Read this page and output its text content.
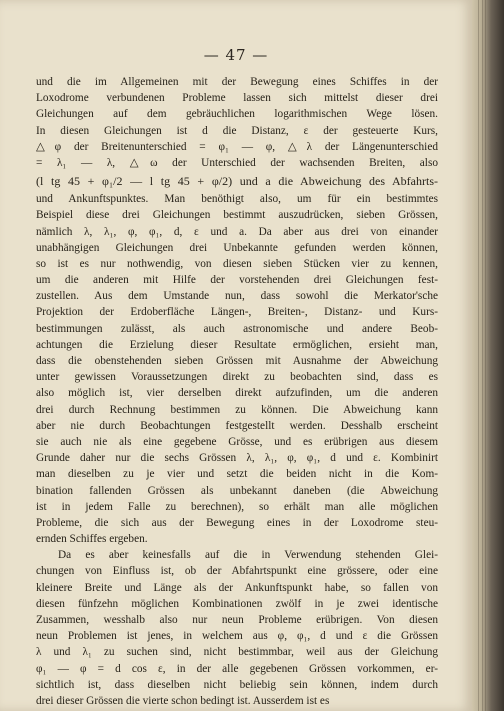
— 47 —
und die im Allgemeinen mit der Bewegung eines Schiffes in der
Loxodrome verbundenen Probleme lassen sich mittelst dieser drei
Gleichungen auf dem gebräuchlichen logarithmischen Wege lösen.
In diesen Gleichungen ist d die Distanz, ε der gesteuerte Kurs,
△φ der Breitenunterschied = φ₁ — φ, △λ der Längenunterschied
= λ₁ — λ, △ω der Unterschied der wachsenden Breiten, also
(l tg 45 + φ₁/2 — l tg 45 + φ/2) und a die Abweichung des Abfahrts-
und Ankunftspunktes. Man benöthigt also, um für ein bestimmtes
Beispiel diese drei Gleichungen bestimmt auszudrücken, sieben Grössen,
nämlich λ, λ₁, φ, φ₁, d, ε und a. Da aber aus drei von einander
unabhängigen Gleichungen drei Unbekannte gefunden werden können,
so ist es nur nothwendig, von diesen sieben Stücken vier zu kennen,
um die anderen mit Hilfe der vorstehenden drei Gleichungen fest-
zustellen. Aus dem Umstande nun, dass sowohl die Merkator'sche
Projektion der Erdoberfläche Längen-, Breiten-, Distanz- und Kurs-
bestimmungen zulässt, als auch astronomische und andere Beob-
achtungen die Erzielung dieser Resultate ermöglichen, ersieht man,
dass die obenstehenden sieben Grössen mit Ausnahme der Abweichung
unter gewissen Voraussetzungen direkt zu beobachten sind, dass es
also möglich ist, vier derselben direkt aufzufinden, um die anderen
drei durch Rechnung bestimmen zu können. Die Abweichung kann
aber nie durch Beobachtungen festgestellt werden. Desshalb erscheint
sie auch nie als eine gegebene Grösse, und es erübrigen aus diesem
Grunde daher nur die sechs Grössen λ, λ₁, φ, φ₁, d und ε. Kombinirt
man dieselben zu je vier und setzt die beiden nicht in die Kom-
bination fallenden Grössen als unbekannt daneben (die Abweichung
ist in jedem Falle zu berechnen), so erhält man alle möglichen
Probleme, die sich aus der Bewegung eines in der Loxodrome steu-
ernden Schiffes ergeben.
Da es aber keinesfalls auf die in Verwendung stehenden Glei-
chungen von Einfluss ist, ob der Abfahrtspunkt eine grössere, oder eine
kleinere Breite und Länge als der Ankunftspunkt habe, so fallen von
diesen fünfzehn möglichen Kombinationen zwölf in je zwei identische
Zusammen, wesshalb also nur neun Probleme erübrigen. Von diesen
neun Problemen ist jenes, in welchem aus φ, φ₁, d und ε die Grössen
λ und λ₁ zu suchen sind, nicht bestimmbar, weil aus der Gleichung
φ₁ — φ = d cos ε, in der alle gegebenen Grössen vorkommen, er-
sichtlich ist, dass dieselben nicht beliebig sein können, indem durch
drei dieser Grössen die vierte schon bedingt ist. Ausserdem ist es
